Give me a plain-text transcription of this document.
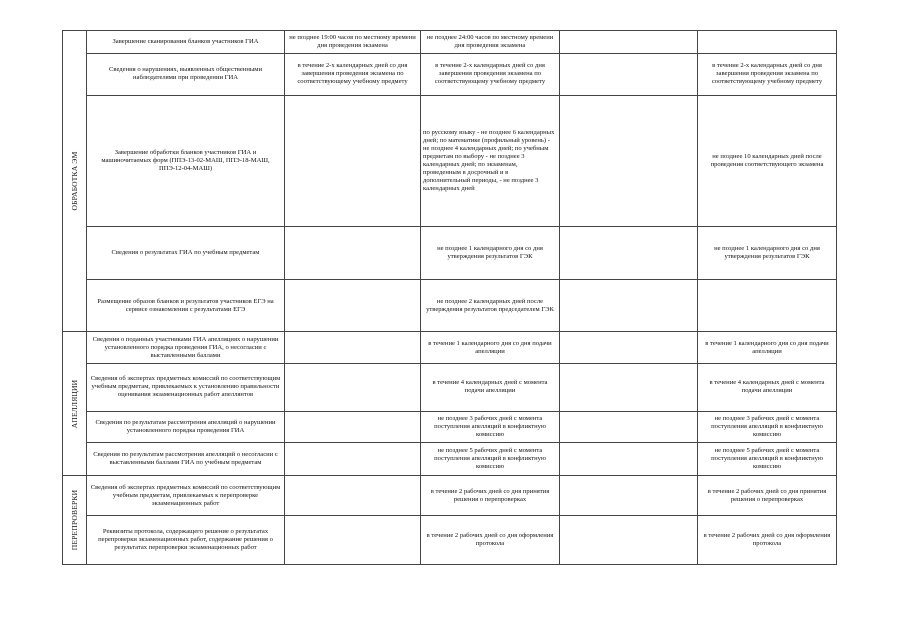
ОБРАБОТКА ЭМ	Завершение сканирования бланков участников ГИА	не позднее 19:00 часов по местному времени дня проведения экзамена	не позднее 24:00 часов по местному времени дня проведения экзамена		
	Сведения о нарушениях, выявленных общественными наблюдателями при проведении ГИА	в течение 2-х календарных дней со дня завершения проведения экзамена по соответствующему учебному предмету	в течение 2-х календарных дней со дня завершения проведения экзамена по соответствующему учебному предмету		в течение 2-х календарных дней со дня завершения проведения экзамена по соответствующему учебному предмету
	Завершение обработки бланков участников ГИА и машиночитаемых форм (ППЭ-13-02-МАШ, ППЭ-18-МАШ, ППЭ-12-04-МАШ)		по русскому языку - не позднее 6 календарных дней; по математике (профильный уровень) - не позднее 4 календарных дней; по учебным предметам по выбору - не позднее 3 календарных дней; по экзаменам, проведенным в досрочный и в дополнительный периоды, - не позднее 3 календарных дней		не позднее 10 календарных дней после проведения соответствующего экзамена
	Сведения о результатах ГИА по учебным предметам		не позднее 1 календарного дня со дня утверждения результатов ГЭК		не позднее 1 календарного дня со дня утверждения результатов ГЭК
	Размещение образов бланков и результатов участников ЕГЭ на сервисе ознакомления с результатами ЕГЭ		не позднее 2 календарных дней после утверждения результатов председателем ГЭК		

АПЕЛЛЯЦИИ	Сведения о поданных участниками ГИА апелляциях о нарушении установленного порядка проведения ГИА, о несогласии с выставленными баллами		в течение 1 календарного дня со дня подачи апелляции		в течение 1 календарного дня со дня подачи апелляции
	Сведения об экспертах предметных комиссий по соответствующим учебным предметам, привлекаемых к установлению правильности оценивания экзаменационных работ апеллянтов		в течение 4 календарных дней с момента подачи апелляции		в течение 4 календарных дней с момента подачи апелляции
	Сведения по результатам рассмотрения апелляций о нарушении установленного порядка проведения ГИА		не позднее 3 рабочих дней с момента поступления апелляций в конфликтную комиссию		не позднее 3 рабочих дней с момента поступления апелляций в конфликтную комиссию
	Сведения по результатам рассмотрения апелляций о несогласии с выставленными баллами ГИА по учебным предметам		не позднее 5 рабочих дней с момента поступления апелляций в конфликтную комиссию		не позднее 5 рабочих дней с момента поступления апелляций в конфликтную комиссию

ПЕРЕПРОВЕРКИ	Сведения об экспертах предметных комиссий по соответствующим учебным предметам, привлекаемых к перепроверке экзаменационных работ		в течение 2 рабочих дней со дня принятия решения о перепроверках		в течение 2 рабочих дней со дня принятия решения о перепроверках
	Реквизиты протокола, содержащего решение о результатах перепроверки экзаменационных работ, содержание решения о результатах перепроверки экзаменационных работ		в течение 2 рабочих дней со дня оформления протокола		в течение 2 рабочих дней со дня оформления протокола
